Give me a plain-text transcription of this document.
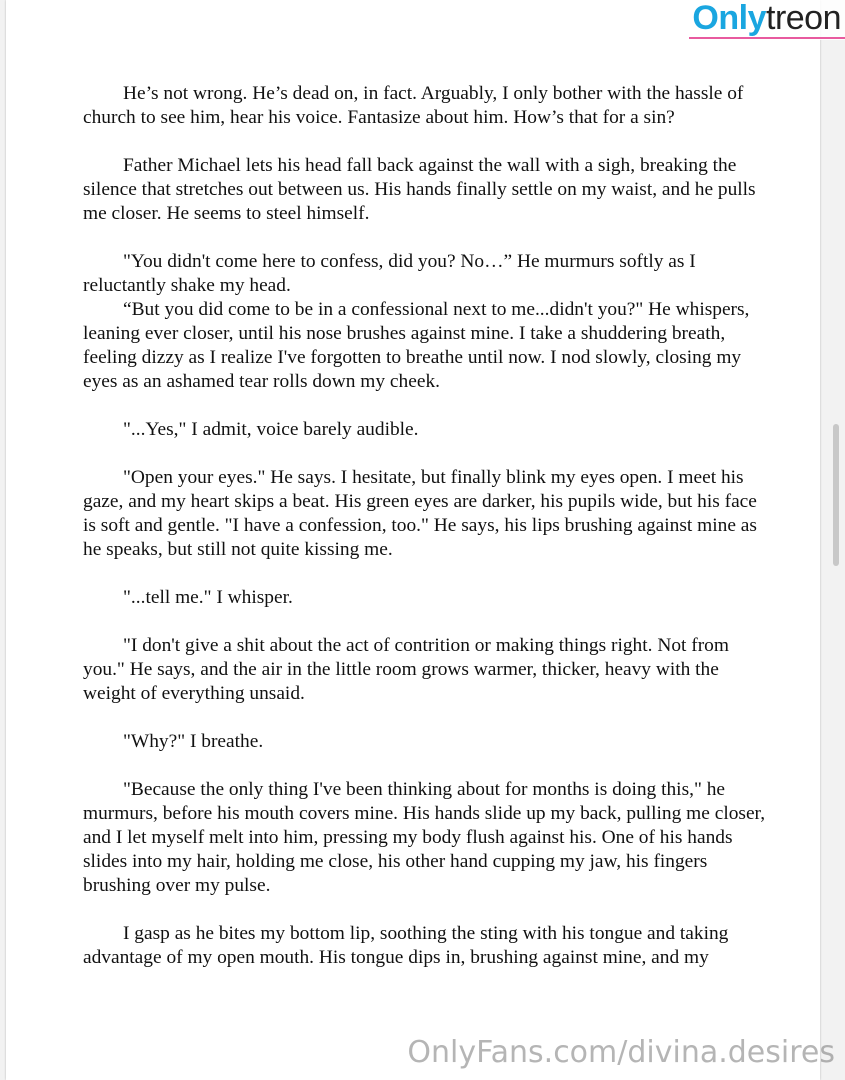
He’s not wrong. He’s dead on, in fact. Arguably, I only bother with the hassle of church to see him, hear his voice. Fantasize about him. How’s that for a sin?

Father Michael lets his head fall back against the wall with a sigh, breaking the silence that stretches out between us. His hands finally settle on my waist, and he pulls me closer. He seems to steel himself.

"You didn't come here to confess, did you? No…” He murmurs softly as I reluctantly shake my head.

“But you did come to be in a confessional next to me...didn't you?" He whispers, leaning ever closer, until his nose brushes against mine. I take a shuddering breath, feeling dizzy as I realize I've forgotten to breathe until now. I nod slowly, closing my eyes as an ashamed tear rolls down my cheek.

"...Yes," I admit, voice barely audible.

"Open your eyes." He says. I hesitate, but finally blink my eyes open. I meet his gaze, and my heart skips a beat. His green eyes are darker, his pupils wide, but his face is soft and gentle. "I have a confession, too." He says, his lips brushing against mine as he speaks, but still not quite kissing me.

"...tell me." I whisper.

"I don't give a shit about the act of contrition or making things right. Not from you." He says, and the air in the little room grows warmer, thicker, heavy with the weight of everything unsaid.

"Why?" I breathe.

"Because the only thing I've been thinking about for months is doing this," he murmurs, before his mouth covers mine. His hands slide up my back, pulling me closer, and I let myself melt into him, pressing my body flush against his. One of his hands slides into my hair, holding me close, his other hand cupping my jaw, his fingers brushing over my pulse.

I gasp as he bites my bottom lip, soothing the sting with his tongue and taking advantage of my open mouth. His tongue dips in, brushing against mine, and my

Onlytreon
OnlyFans.com/divina.desires
